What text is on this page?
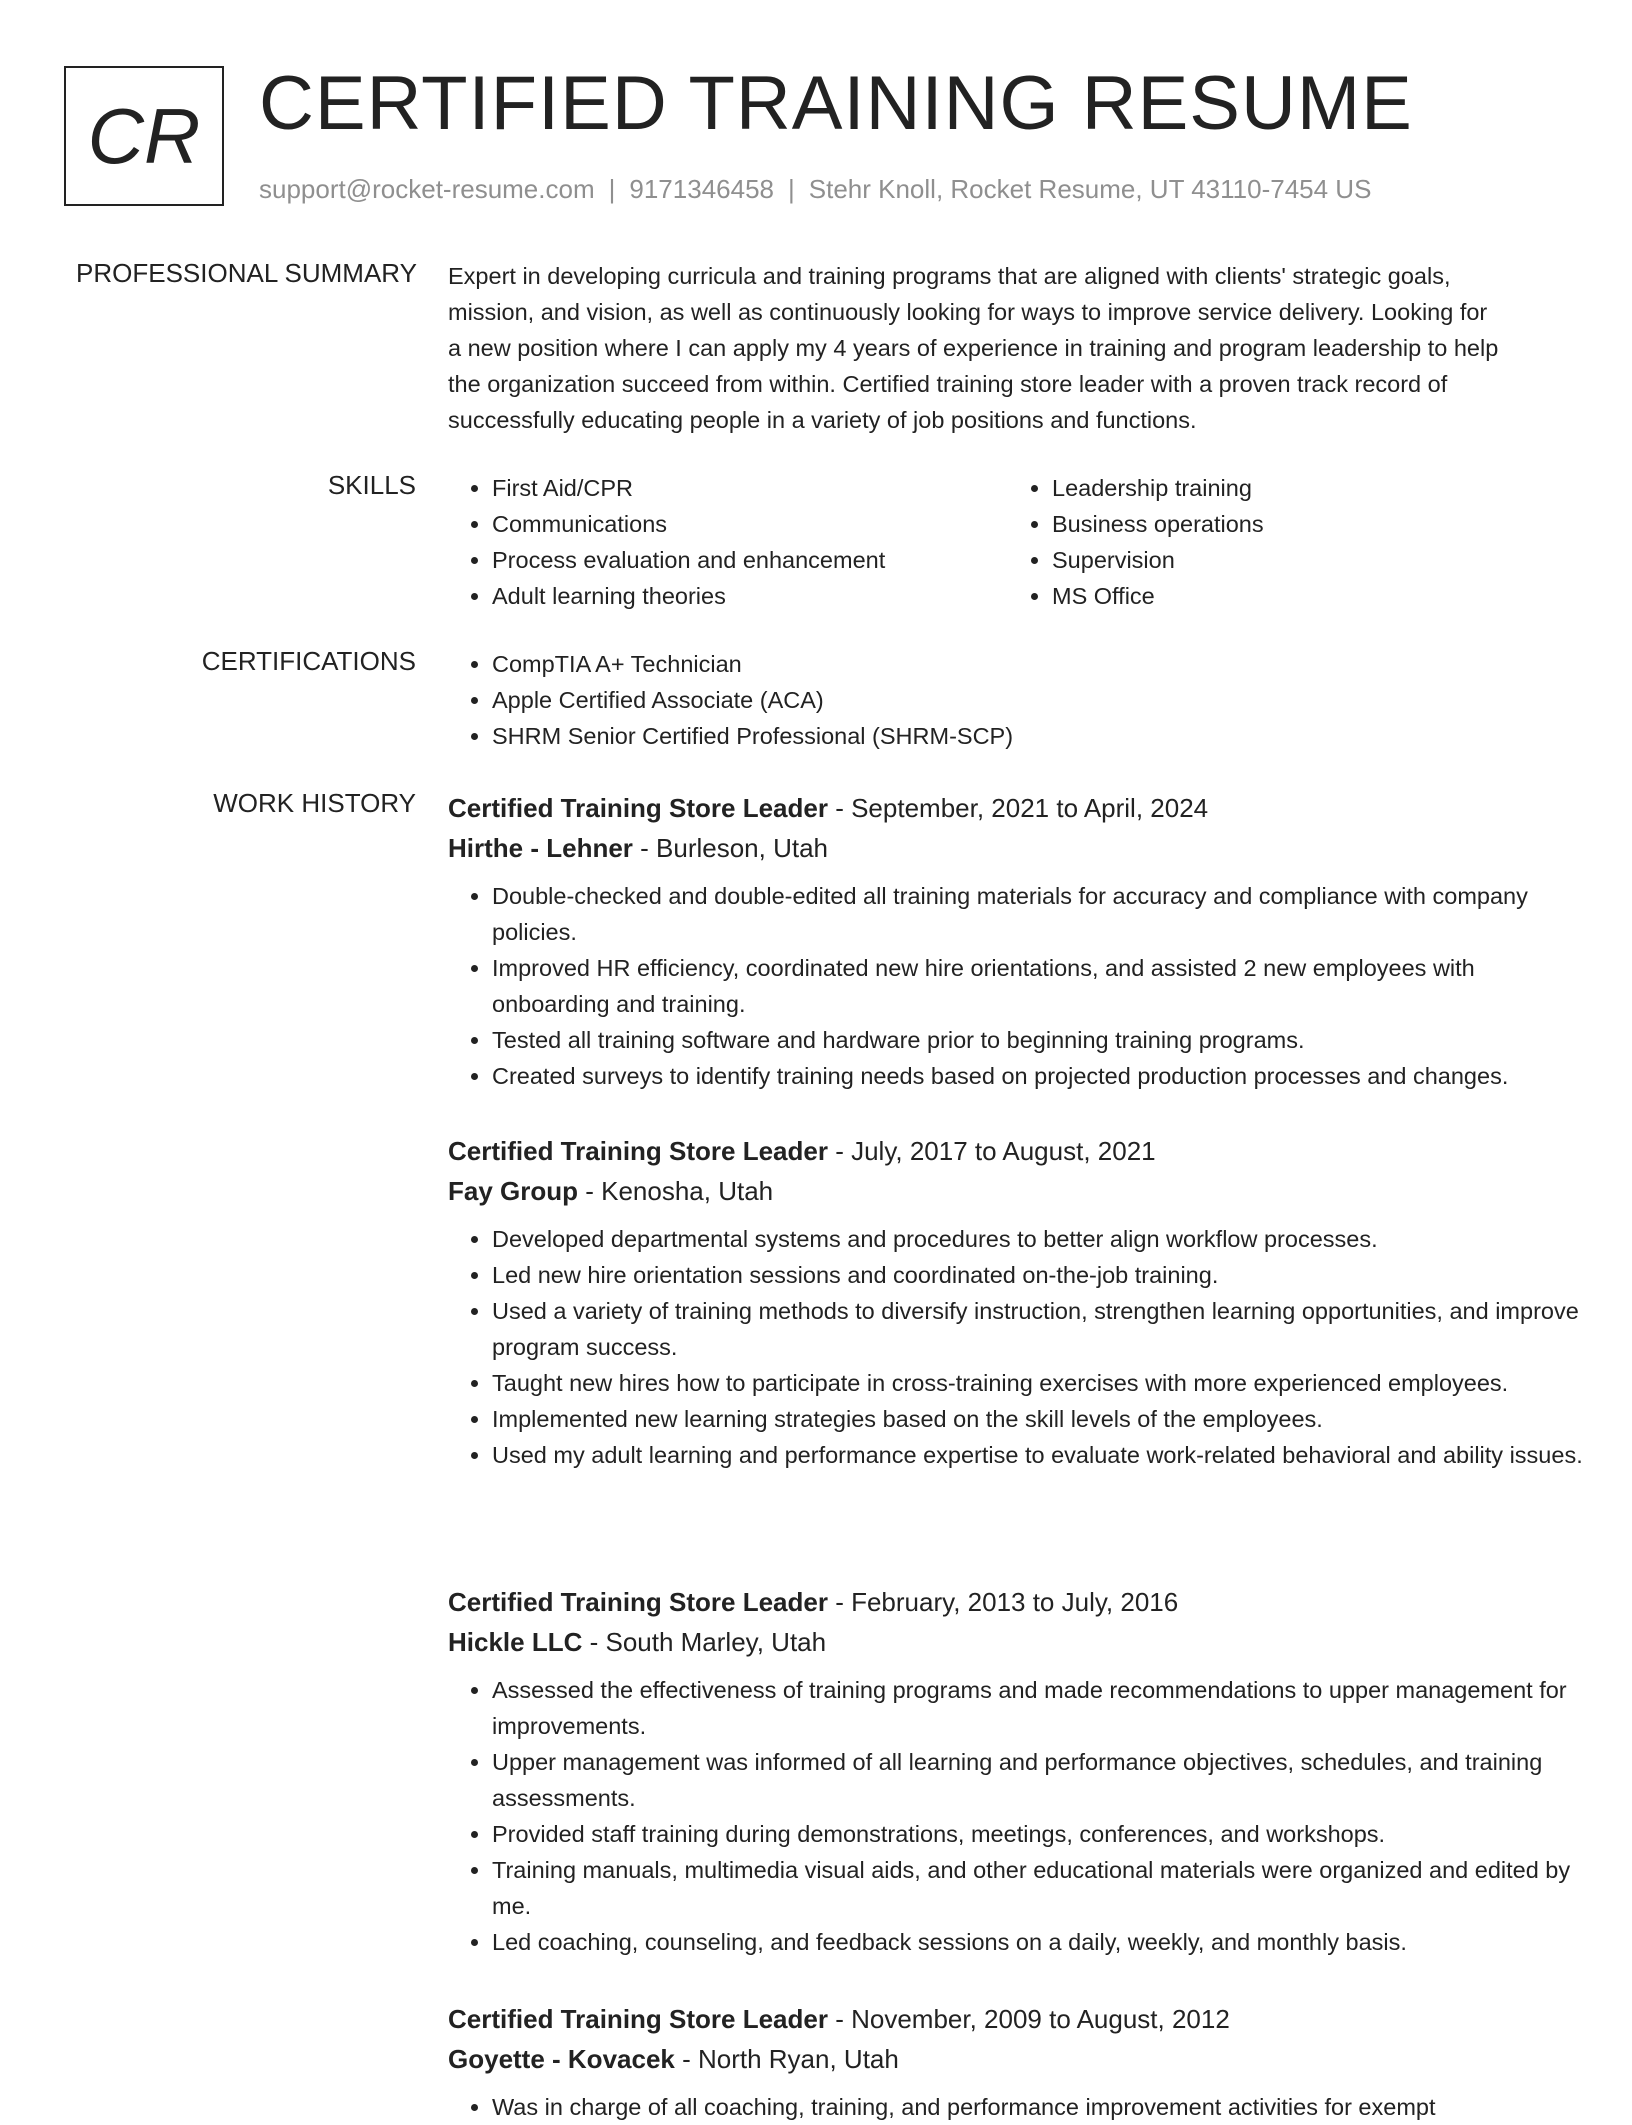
CR CERTIFIED TRAINING RESUME
support@rocket-resume.com | 9171346458 | Stehr Knoll, Rocket Resume, UT 43110-7454 US
PROFESSIONAL SUMMARY Expert in developing curricula and training programs that are aligned with clients' strategic goals,

mission, and vision, as well as continuously looking for ways to improve service delivery. Looking for

a new position where I can apply my 4 years of experience in training and program leadership to help

the organization succeed from within. Certified training store leader with a proven track record of

successfully educating people in a variety of job positions and functions.

SKILLS	• First Aid/CPR
• Communications
• Process evaluation and enhancement
• Adult learning theories
• Leadership training
• Business operations
• Supervision
• MS Office
CERTIFICATIONS	• CompTIA A+ Technician
• Apple Certified Associate (ACA)
• SHRM Senior Certified Professional (SHRM-SCP)
WORK HISTORY Certified Training Store Leader - September, 2021 to April, 2024
Hirthe - Lehner - Burleson, Utah
• Double-checked and double-edited all training materials for accuracy and compliance with company policies.
• Improved HR efficiency, coordinated new hire orientations, and assisted 2 new employees with onboarding and training.
• Tested all training software and hardware prior to beginning training programs.
• Created surveys to identify training needs based on projected production processes and changes.
Certified Training Store Leader - July, 2017 to August, 2021
Fay Group - Kenosha, Utah
• Developed departmental systems and procedures to better align workflow processes.
• Led new hire orientation sessions and coordinated on-the-job training.
• Used a variety of training methods to diversify instruction, strengthen learning opportunities, and improve program success.
• Taught new hires how to participate in cross-training exercises with more experienced employees.
• Implemented new learning strategies based on the skill levels of the employees.
• Used my adult learning and performance expertise to evaluate work-related behavioral and ability issues.
Certified Training Store Leader - February, 2013 to July, 2016
Hickle LLC - South Marley, Utah
• Assessed the effectiveness of training programs and made recommendations to upper management for improvements.
• Upper management was informed of all learning and performance objectives, schedules, and training assessments.
• Provided staff training during demonstrations, meetings, conferences, and workshops.
• Training manuals, multimedia visual aids, and other educational materials were organized and edited by me.
• Led coaching, counseling, and feedback sessions on a daily, weekly, and monthly basis.
Certified Training Store Leader - November, 2009 to August, 2012
Goyette - Kovacek - North Ryan, Utah
• Was in charge of all coaching, training, and performance improvement activities for exempt
